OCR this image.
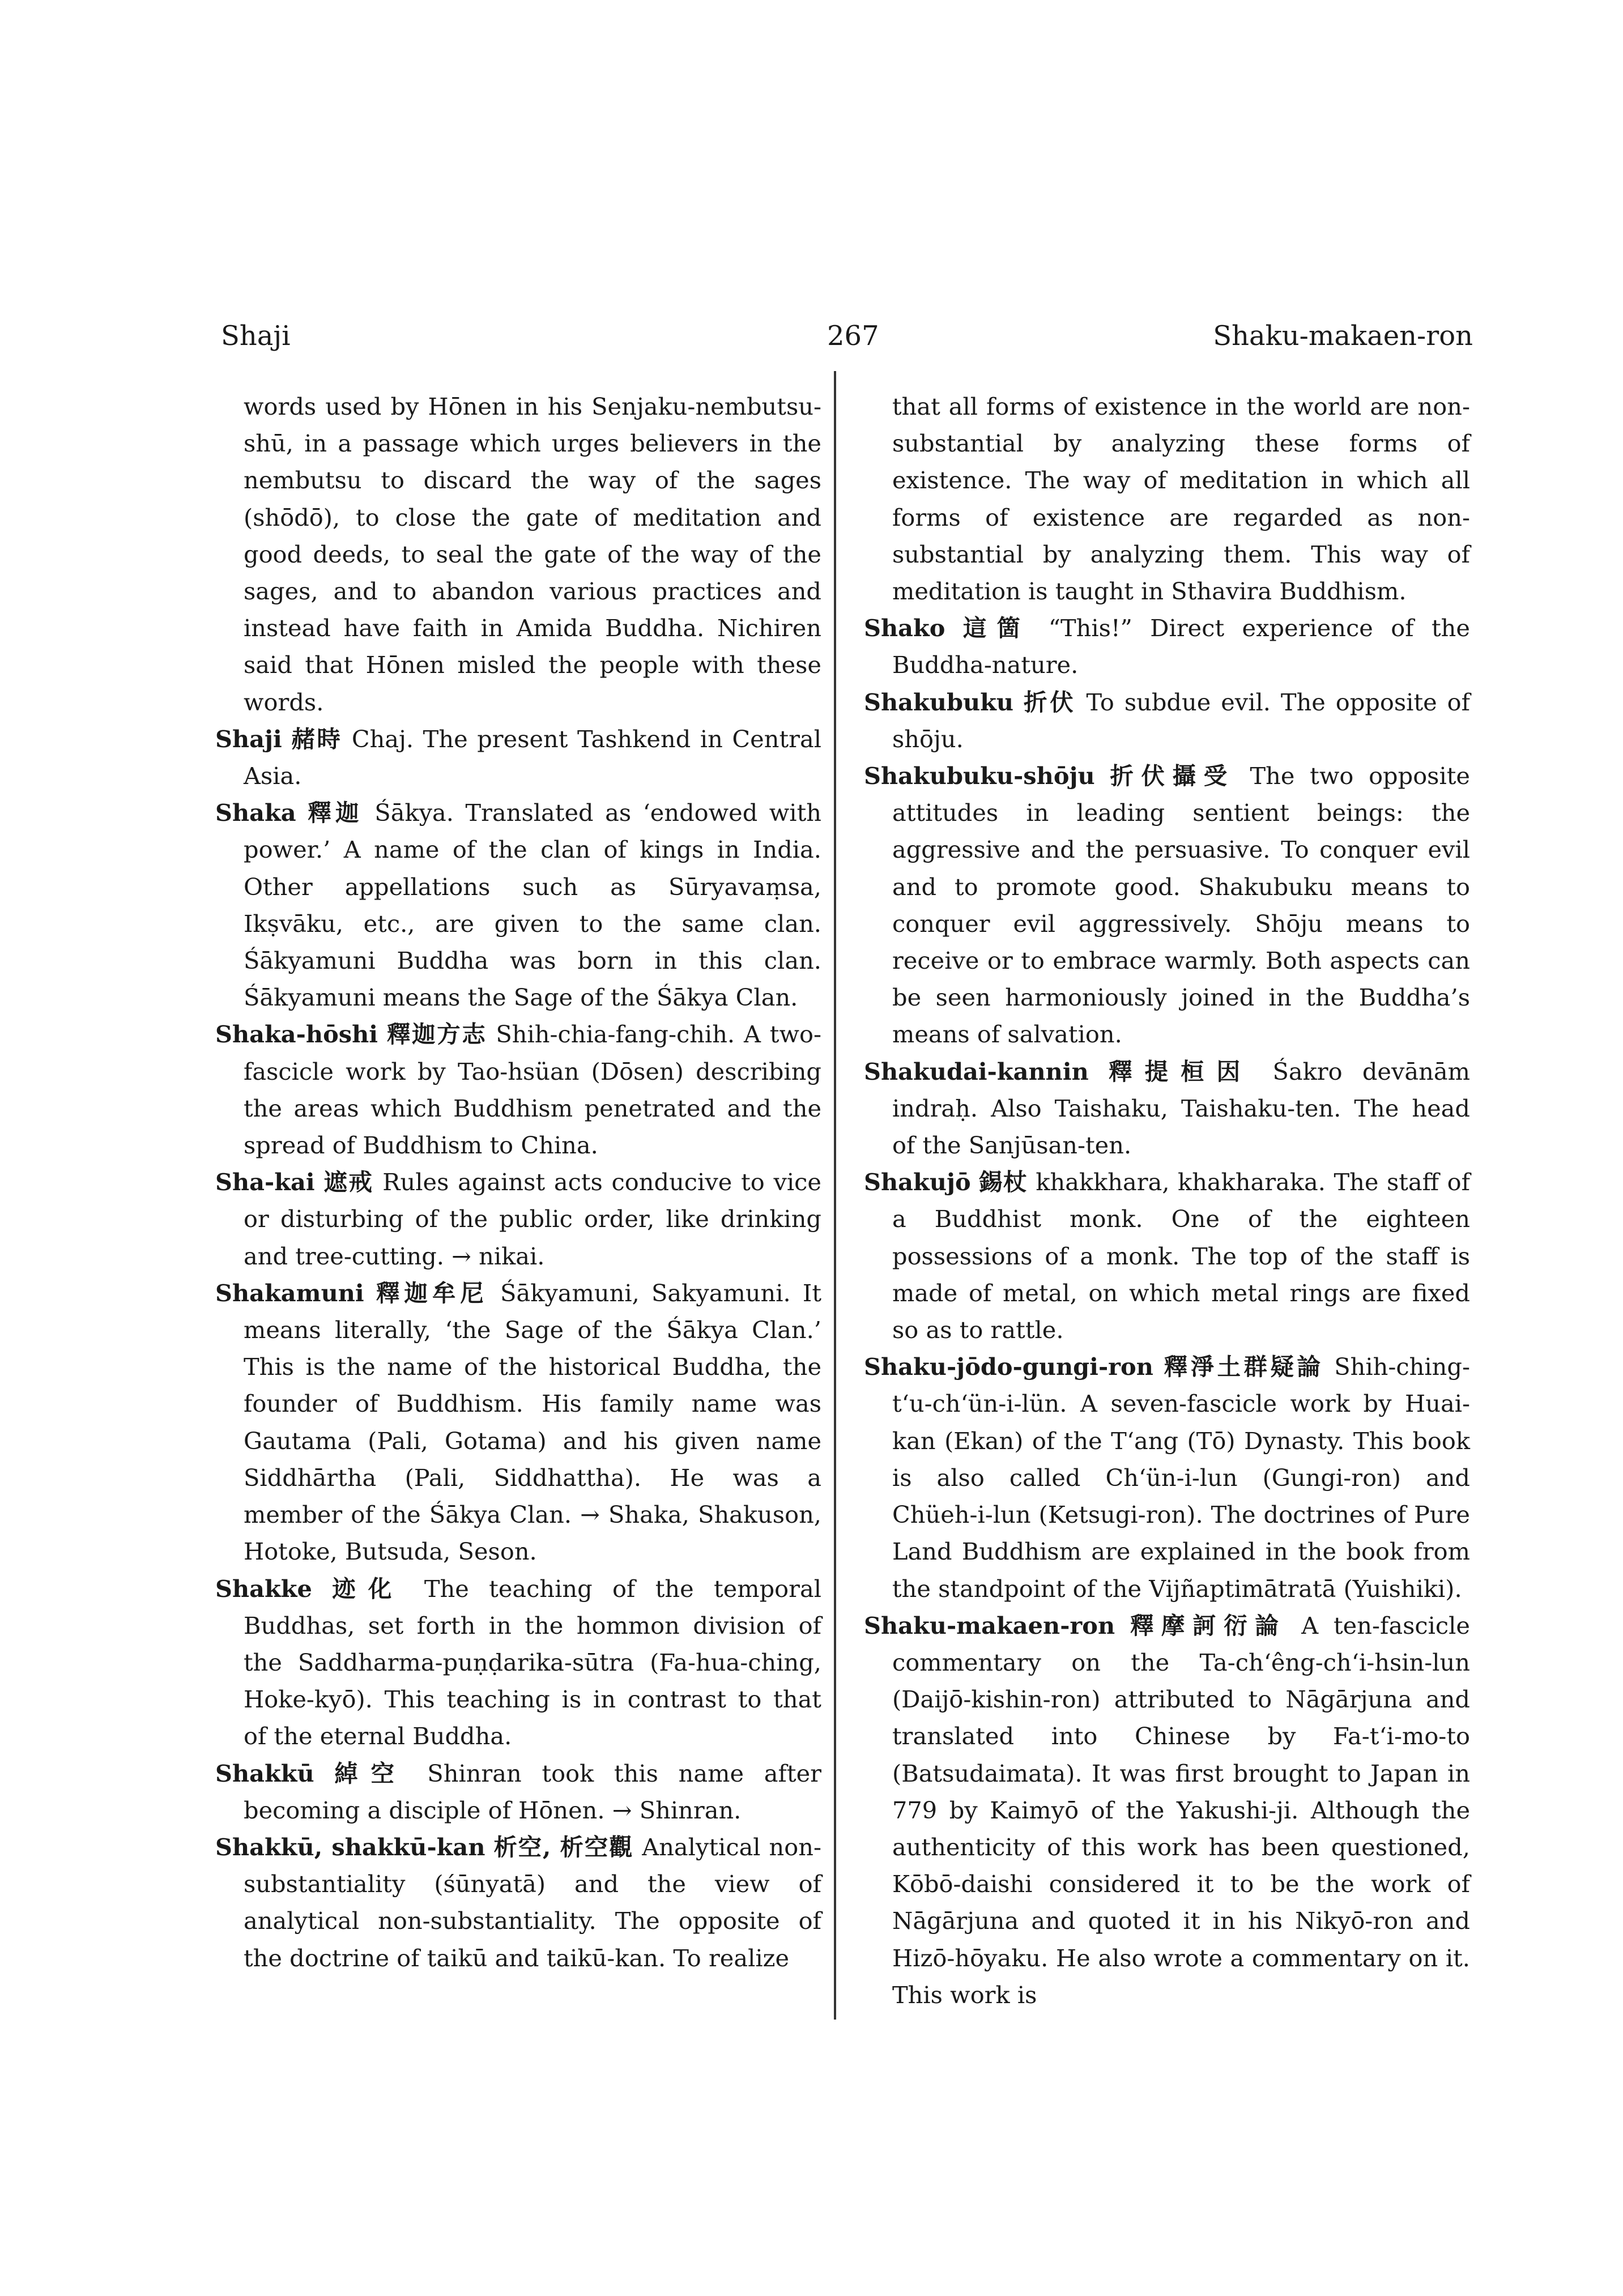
Shaji	267	Shaku-makaen-ron

words used by Hōnen in his Senjaku-nembutsu-shū, in a passage which urges believers in the nembutsu to discard the way of the sages (shōdō), to close the gate of meditation and good deeds, to seal the gate of the way of the sages, and to abandon various practices and instead have faith in Amida Buddha. Nichiren said that Hōnen misled the people with these words.

Shaji 赭時 Chaj. The present Tashkend in Central Asia.

Shaka 釋迦 Śākya. Translated as ‘endowed with power.’ A name of the clan of kings in India. Other appellations such as Sūryavaṃsa, Ikṣvāku, etc., are given to the same clan. Śākyamuni Buddha was born in this clan. Śākyamuni means the Sage of the Śākya Clan.

Shaka-hōshi 釋迦方志 Shih-chia-fang-chih. A two-fascicle work by Tao-hsüan (Dōsen) describing the areas which Buddhism penetrated and the spread of Buddhism to China.

Sha-kai 遮戒 Rules against acts conducive to vice or disturbing of the public order, like drinking and tree-cutting. → nikai.

Shakamuni 釋迦牟尼 Śākyamuni, Sakyamuni. It means literally, ‘the Sage of the Śākya Clan.’ This is the name of the historical Buddha, the founder of Buddhism. His family name was Gautama (Pali, Gotama) and his given name Siddhārtha (Pali, Siddhattha). He was a member of the Śākya Clan. → Shaka, Shakuson, Hotoke, Butsuda, Seson.

Shakke 迹化 The teaching of the temporal Buddhas, set forth in the hommon division of the Saddharma-puṇḍarika-sūtra (Fa-hua-ching, Hoke-kyō). This teaching is in contrast to that of the eternal Buddha.

Shakkū 綽空 Shinran took this name after becoming a disciple of Hōnen. → Shinran.

Shakkū, shakkū-kan 析空, 析空觀 Analytical non-substantiality (śūnyatā) and the view of analytical non-substantiality. The opposite of the doctrine of taikū and taikū-kan. To realize

that all forms of existence in the world are non-substantial by analyzing these forms of existence. The way of meditation in which all forms of existence are regarded as non-substantial by analyzing them. This way of meditation is taught in Sthavira Buddhism.

Shako 這箇 “This!” Direct experience of the Buddha-nature.

Shakubuku 折伏 To subdue evil. The opposite of shōju.

Shakubuku-shōju 折伏攝受 The two opposite attitudes in leading sentient beings: the aggressive and the persuasive. To conquer evil and to promote good. Shakubuku means to conquer evil aggressively. Shōju means to receive or to embrace warmly. Both aspects can be seen harmoniously joined in the Buddha’s means of salvation.

Shakudai-kannin 釋提桓因 Śakro devānām indraḥ. Also Taishaku, Taishaku-ten. The head of the Sanjūsan-ten.

Shakujō 錫杖 khakkhara, khakharaka. The staff of a Buddhist monk. One of the eighteen possessions of a monk. The top of the staff is made of metal, on which metal rings are fixed so as to rattle.

Shaku-jōdo-gungi-ron 釋淨土群疑論 Shih-ching-t‘u-ch‘ün-i-lün. A seven-fascicle work by Huai-kan (Ekan) of the T‘ang (Tō) Dynasty. This book is also called Ch‘ün-i-lun (Gungi-ron) and Chüeh-i-lun (Ketsugi-ron). The doctrines of Pure Land Buddhism are explained in the book from the standpoint of the Vijñaptimātratā (Yuishiki).

Shaku-makaen-ron 釋摩訶衍論 A ten-fascicle commentary on the Ta-ch‘êng-ch‘i-hsin-lun (Daijō-kishin-ron) attributed to Nāgārjuna and translated into Chinese by Fa-t‘i-mo-to (Batsudaimata). It was first brought to Japan in 779 by Kaimyō of the Yakushi-ji. Although the authenticity of this work has been questioned, Kōbō-daishi considered it to be the work of Nāgārjuna and quoted it in his Nikyō-ron and Hizō-hōyaku. He also wrote a commentary on it. This work is
